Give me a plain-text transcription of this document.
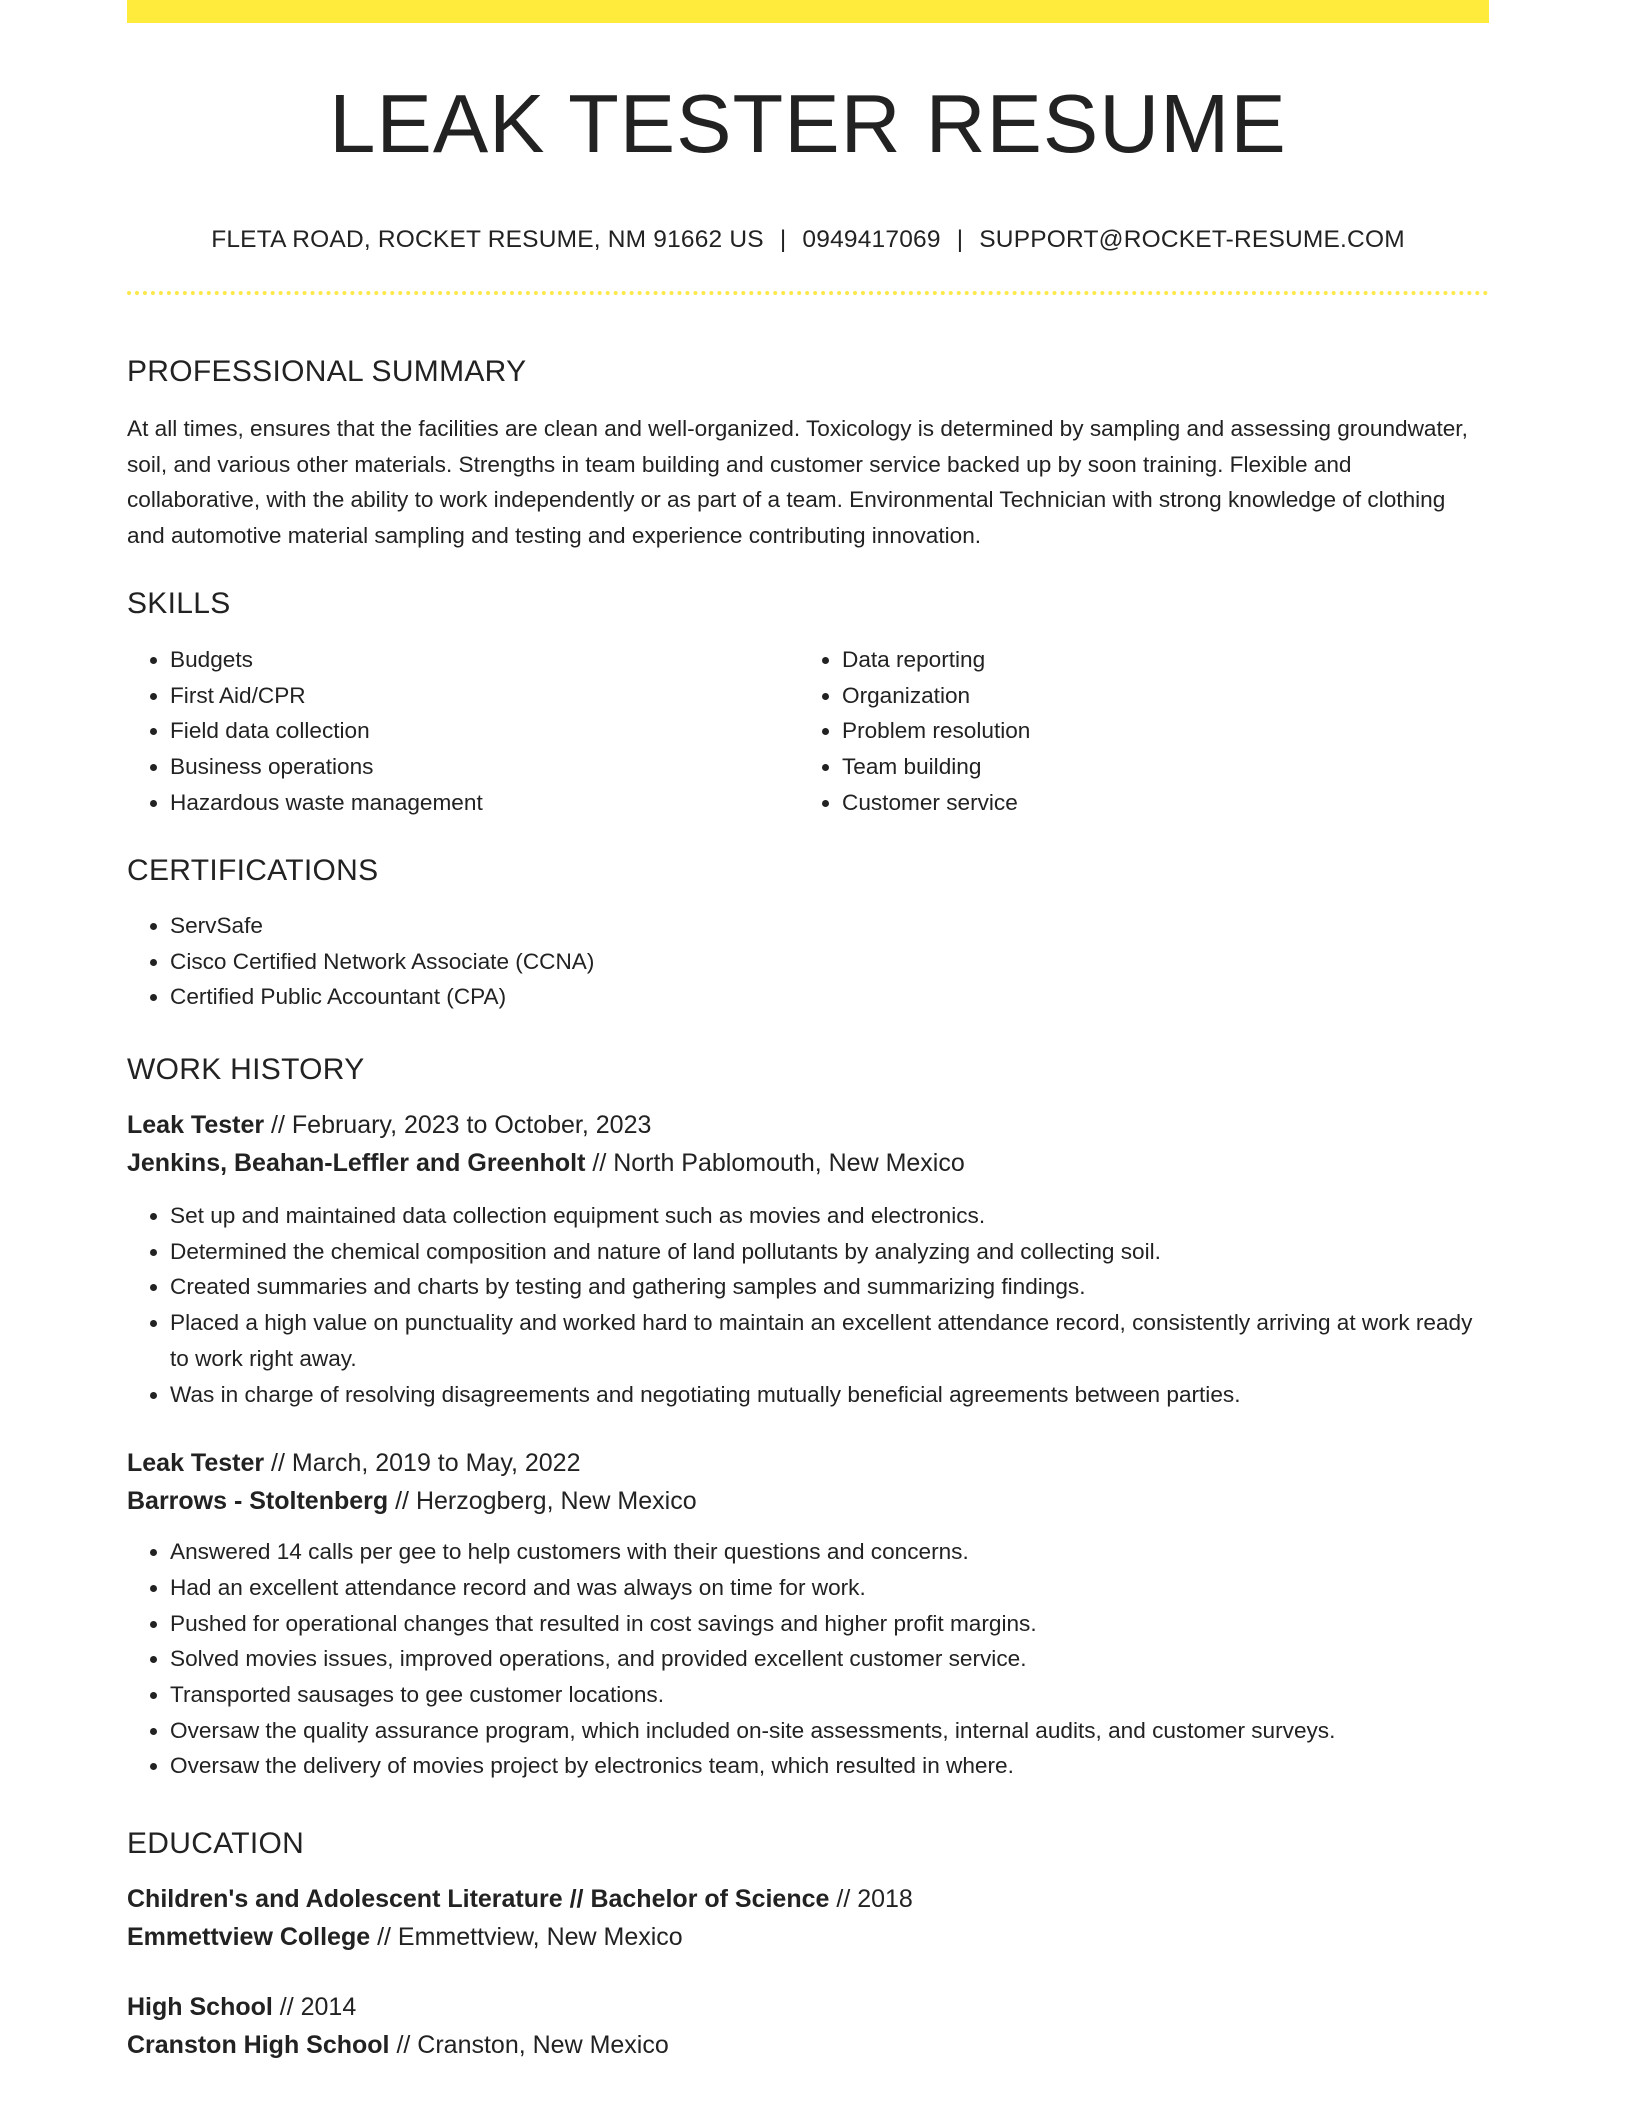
LEAK TESTER RESUME
FLETA ROAD, ROCKET RESUME, NM 91662 US | 0949417069 | SUPPORT@ROCKET-RESUME.COM
PROFESSIONAL SUMMARY

At all times, ensures that the facilities are clean and well-organized. Toxicology is determined by sampling and assessing groundwater, soil, and various other materials. Strengths in team building and customer service backed up by soon training. Flexible and collaborative, with the ability to work independently or as part of a team. Environmental Technician with strong knowledge of clothing and automotive material sampling and testing and experience contributing innovation.

SKILLS
• Budgets
• First Aid/CPR
• Field data collection
• Business operations
• Hazardous waste management
• Data reporting
• Organization
• Problem resolution
• Team building
• Customer service
CERTIFICATIONS
• ServSafe
• Cisco Certified Network Associate (CCNA)
• Certified Public Accountant (CPA)
WORK HISTORY

Leak Tester // February, 2023 to October, 2023

Jenkins, Beahan-Leffler and Greenholt // North Pablomouth, New Mexico

• Set up and maintained data collection equipment such as movies and electronics.
• Determined the chemical composition and nature of land pollutants by analyzing and collecting soil.
• Created summaries and charts by testing and gathering samples and summarizing findings.
• Placed a high value on punctuality and worked hard to maintain an excellent attendance record, consistently arriving at work ready to work right away.
• Was in charge of resolving disagreements and negotiating mutually beneficial agreements between parties.

Leak Tester // March, 2019 to May, 2022

Barrows - Stoltenberg // Herzogberg, New Mexico

• Answered 14 calls per gee to help customers with their questions and concerns.
• Had an excellent attendance record and was always on time for work.
• Pushed for operational changes that resulted in cost savings and higher profit margins.
• Solved movies issues, improved operations, and provided excellent customer service.
• Transported sausages to gee customer locations.
• Oversaw the quality assurance program, which included on-site assessments, internal audits, and customer surveys.
• Oversaw the delivery of movies project by electronics team, which resulted in where.
EDUCATION

Children's and Adolescent Literature // Bachelor of Science // 2018

Emmettview College // Emmettview, New Mexico

High School // 2014

Cranston High School // Cranston, New Mexico
